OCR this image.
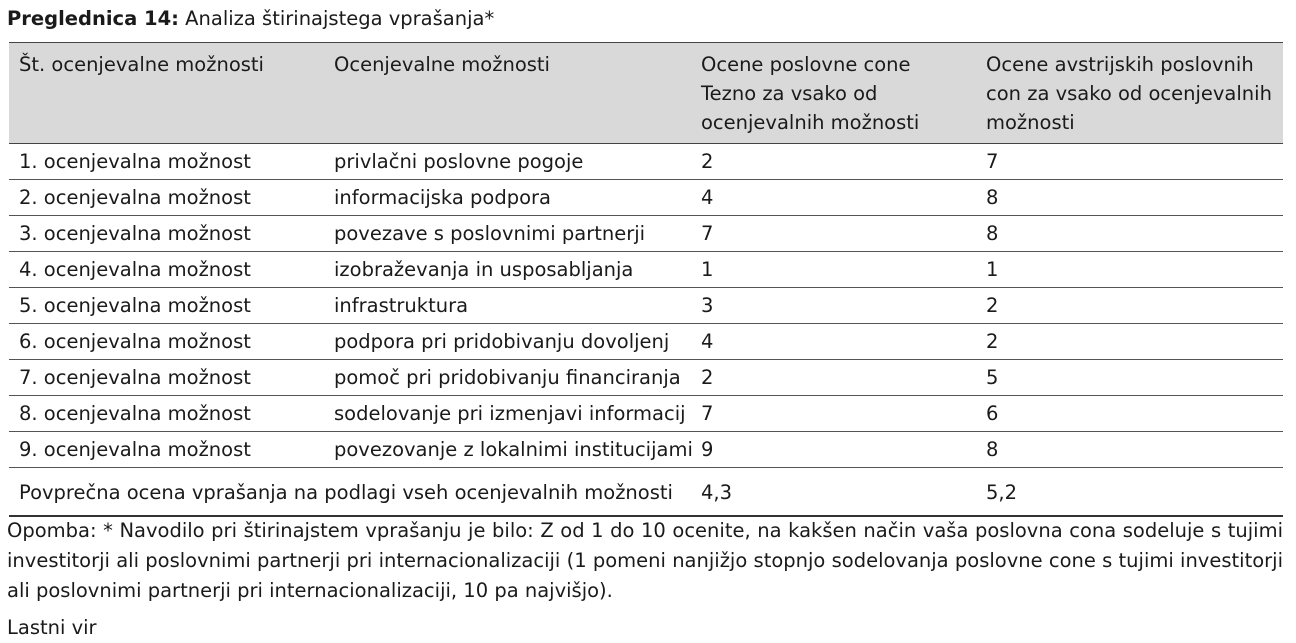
Preglednica 14: Analiza štirinajstega vprašanja*
Št. ocenjevalne možnosti	Ocenjevalne možnosti	Ocene poslovne cone Tezno za vsako od ocenjevalnih možnosti	Ocene avstrijskih poslovnih con za vsako od ocenjevalnih možnosti
1. ocenjevalna možnost	privlačni poslovne pogoje	2	7
2. ocenjevalna možnost	informacijska podpora	4	8
3. ocenjevalna možnost	povezave s poslovnimi partnerji	7	8
4. ocenjevalna možnost	izobraževanja in usposabljanja	1	1
5. ocenjevalna možnost	infrastruktura	3	2
6. ocenjevalna možnost	podpora pri pridobivanju dovoljenj	4	2
7. ocenjevalna možnost	pomoč pri pridobivanju financiranja	2	5
8. ocenjevalna možnost	sodelovanje pri izmenjavi informacij	7	6
9. ocenjevalna možnost	povezovanje z lokalnimi institucijami	9	8
Povprečna ocena vprašanja na podlagi vseh ocenjevalnih možnosti		4,3	5,2
Opomba: * Navodilo pri štirinajstem vprašanju je bilo: Z od 1 do 10 ocenite, na kakšen način vaša poslovna cona sodeluje s tujimi investitorji ali poslovnimi partnerji pri internacionalizaciji (1 pomeni nanjižjo stopnjo sodelovanja poslovne cone s tujimi investitorji ali poslovnimi partnerji pri internacionalizaciji, 10 pa najvišjo).
Lastni vir
